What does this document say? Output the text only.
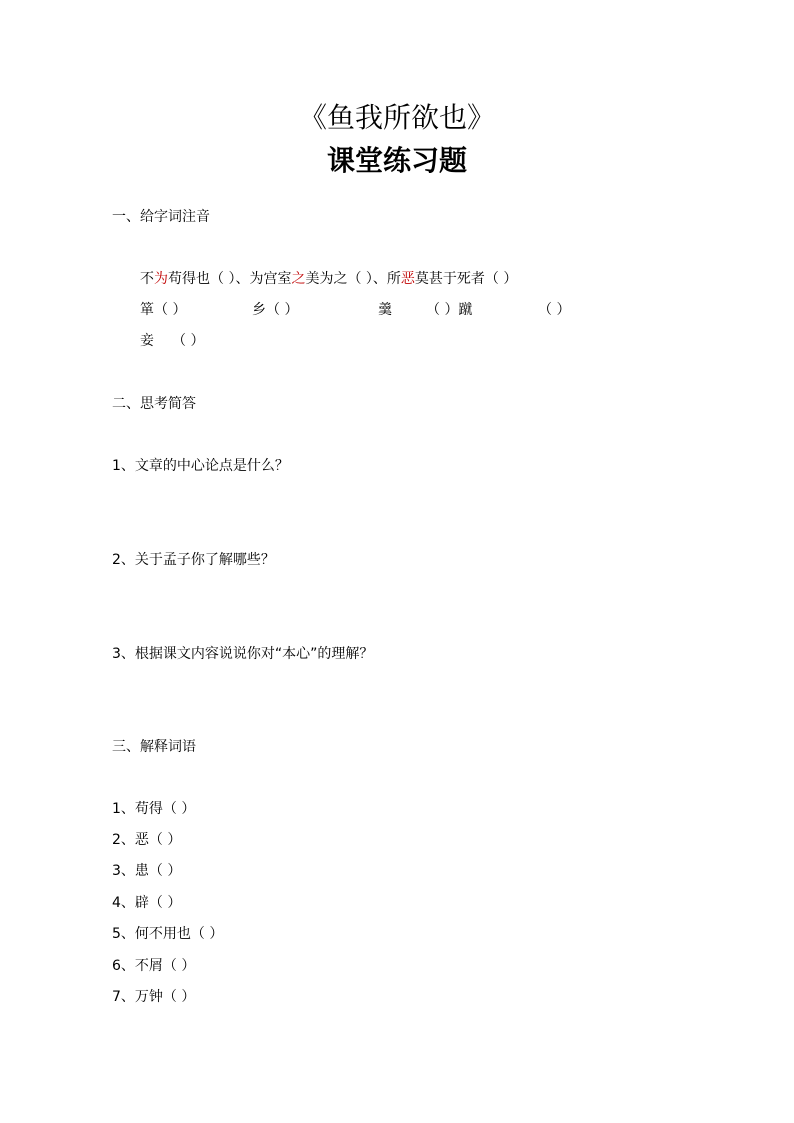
《鱼我所欲也》
课堂练习题
一、给字词注音
不为苟得也（ ）、为宫室之美为之（ ）、所恶莫甚于死者（ ）
箪（ ）	乡（ ）	羹 （ ）蹴	（ ）
妾 （ ）
二、思考简答
1、文章的中心论点是什么？
2、关于孟子你了解哪些？
3、根据课文内容说说你对“本心”的理解？
三、解释词语
1、苟得（ ）
2、恶（ ）
3、患（ ）
4、辟（ ）
5、何不用也（ ）
6、不屑（ ）
7、万钟（ ）
